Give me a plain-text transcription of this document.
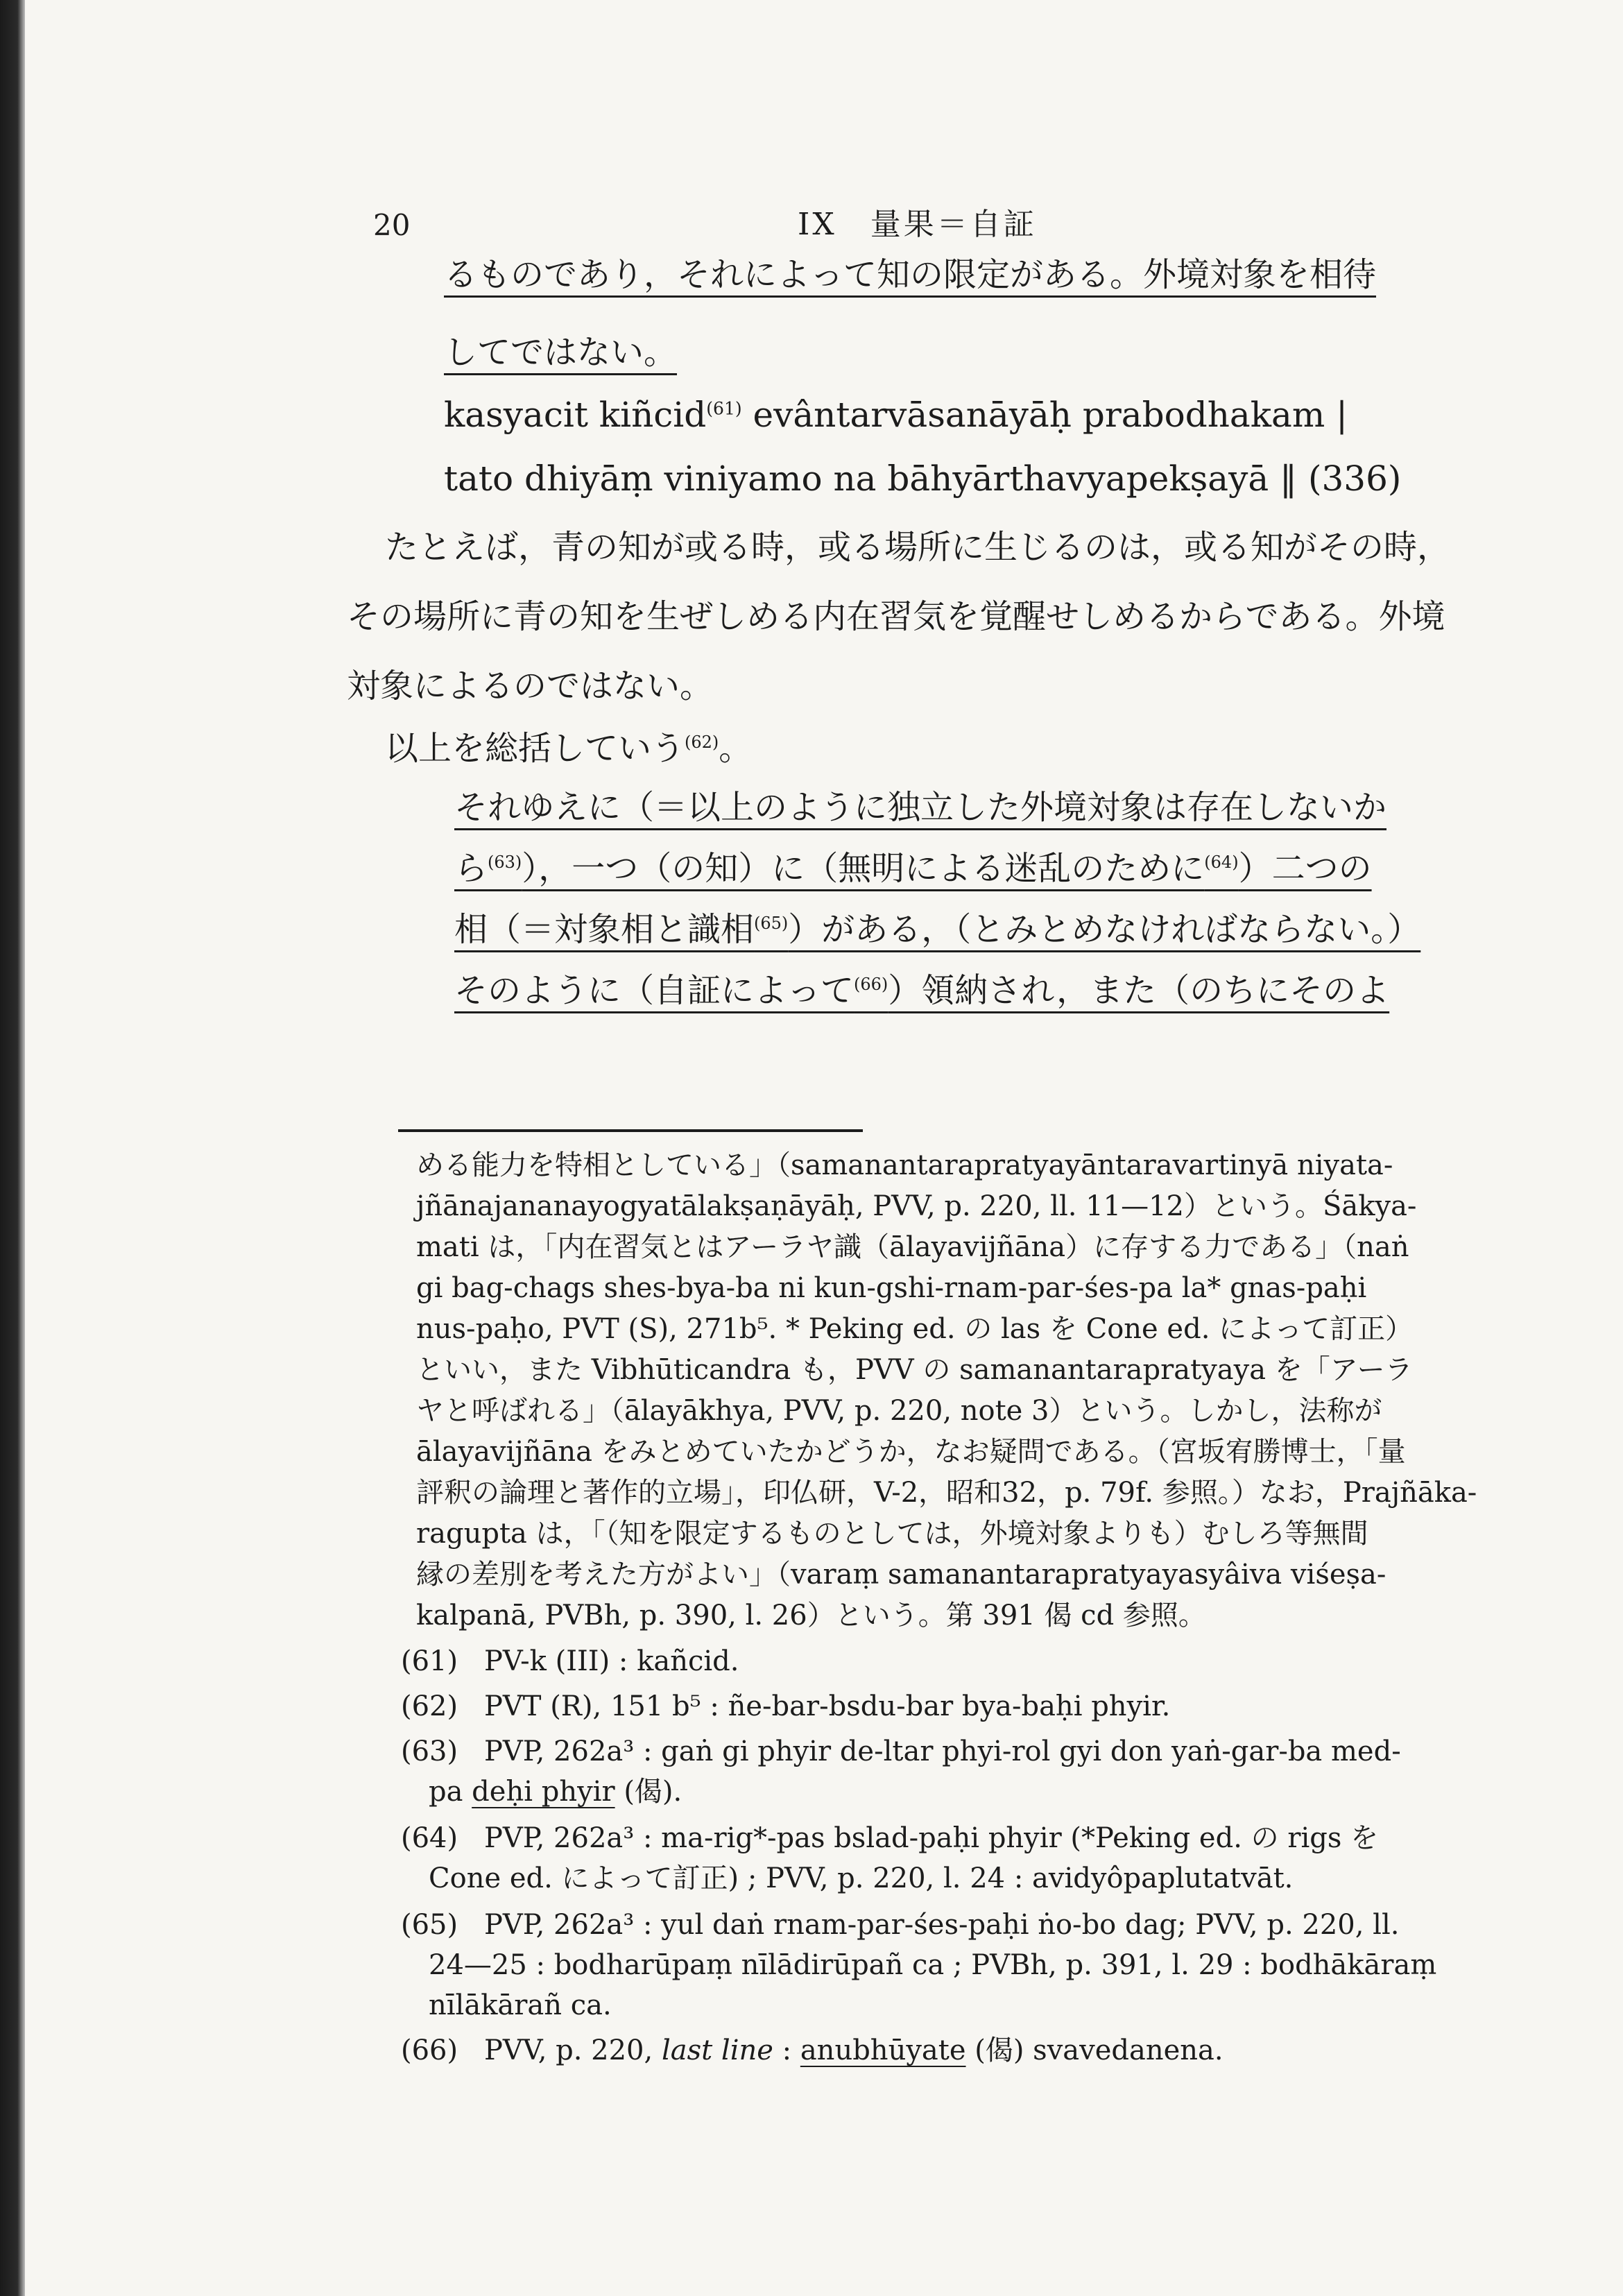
20	IX　量果＝自証
るものであり，それによって知の限定がある。外境対象を相待
してではない。
kasyacit kiñcid$^{(61)}$ evântarvāsanāyāḥ prabodhakam |
tato dhiyāṃ viniyamo na bāhyārthavyapekṣayā ‖ (336)
たとえば，青の知が或る時，或る場所に生じるのは，或る知がその時，
その場所に青の知を生ぜしめる内在習気を覚醒せしめるからである。外境
対象によるのではない。
以上を総括していう$^{(62)}$。
それゆえに（＝以上のように独立した外境対象は存在しないか
ら$^{(63)}$），一つ（の知）に（無明による迷乱のために$^{(64)}$）二つの
相（＝対象相と識相$^{(65)}$）がある，（とみとめなければならない。）
そのように（自証によって$^{(66)}$）領納され，また（のちにそのよ
める能力を特相としている」（samanantarapratyayāntaravartinyā niyata-
jñānajananayogyatālakṣaṇāyāḥ, PVV, p. 220, ll. 11—12）という。Śākya-
mati は，「内在習気とはアーラヤ識（ālayavijñāna）に存する力である」（naṅ
gi bag-chags shes-bya-ba ni kun-gshi-rnam-par-śes-pa la* gnas-paḥi
nus-paḥo, PVT (S), 271b⁵. * Peking ed. の las を Cone ed. によって訂正）
といい，また Vibhūticandra も，PVV の samanantarapratyaya を「アーラ
ヤと呼ばれる」（ālayākhya, PVV, p. 220, note 3）という。しかし，法称が
ālayavijñāna をみとめていたかどうか，なお疑問である。（宮坂宥勝博士，「量
評釈の論理と著作的立場」，印仏研，V-2，昭和32，p. 79f. 参照。）なお，Prajñāka-
ragupta は，「（知を限定するものとしては，外境対象よりも）むしろ等無間
縁の差別を考えた方がよい」（varaṃ samanantarapratyayasyâiva viśeṣa-
kalpanā, PVBh, p. 390, l. 26）という。第 391 偈 cd 参照。
(61) PV-k (III) : kañcid.
(62) PVT (R), 151 b⁵ : ñe-bar-bsdu-bar bya-baḥi phyir.
(63) PVP, 262a³ : gaṅ gi phyir de-ltar phyi-rol gyi don yaṅ-gar-ba med-
pa deḥi phyir (偈).
(64) PVP, 262a³ : ma-rig*-pas bslad-paḥi phyir (*Peking ed. の rigs を
Cone ed. によって訂正) ; PVV, p. 220, l. 24 : avidyôpaplutatvāt.
(65) PVP, 262a³ : yul daṅ rnam-par-śes-paḥi ṅo-bo dag; PVV, p. 220, ll.
24—25 : bodharūpaṃ nīlādirūpañ ca ; PVBh, p. 391, l. 29 : bodhākāraṃ
nīlākārañ ca.
(66) PVV, p. 220, last line : anubhūyate (偈) svavedanena.
